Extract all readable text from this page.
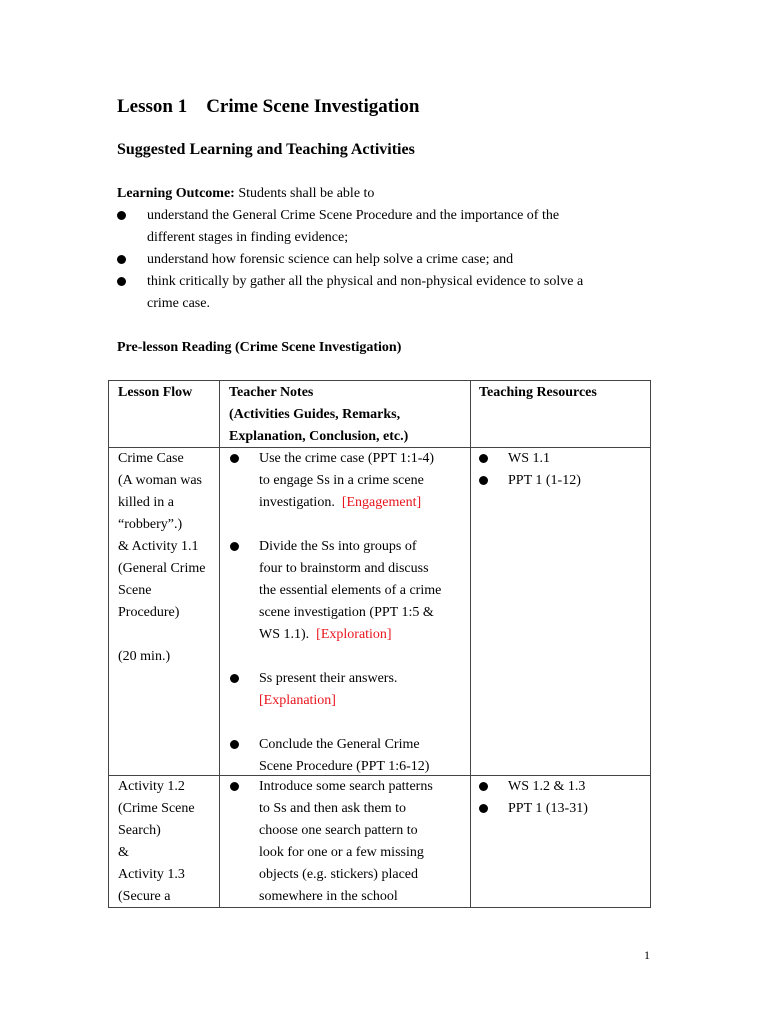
Lesson 1    Crime Scene Investigation
Suggested Learning and Teaching Activities
Learning Outcome: Students shall be able to
understand the General Crime Scene Procedure and the importance of the
different stages in finding evidence;
understand how forensic science can help solve a crime case; and
think critically by gather all the physical and non-physical evidence to solve a
crime case.
Pre-lesson Reading (Crime Scene Investigation)
Lesson Flow	Teacher Notes
(Activities Guides, Remarks,
Explanation, Conclusion, etc.)
Teaching Resources
Crime Case
(A woman was
killed in a
“robbery”.)
& Activity 1.1
(General Crime
Scene
Procedure)
(20 min.)
Use the crime case (PPT 1:1-4)
to engage Ss in a crime scene
investigation.  [Engagement]
Divide the Ss into groups of
four to brainstorm and discuss
the essential elements of a crime
scene investigation (PPT 1:5 &
WS 1.1).  [Exploration]
Ss present their answers.
[Explanation]
Conclude the General Crime
Scene Procedure (PPT 1:6-12)
WS 1.1
PPT 1 (1-12)
Activity 1.2
(Crime Scene
Search)
&
Activity 1.3
(Secure a
Introduce some search patterns
to Ss and then ask them to
choose one search pattern to
look for one or a few missing
objects (e.g. stickers) placed
somewhere in the school
WS 1.2 & 1.3
PPT 1 (13-31)
1
